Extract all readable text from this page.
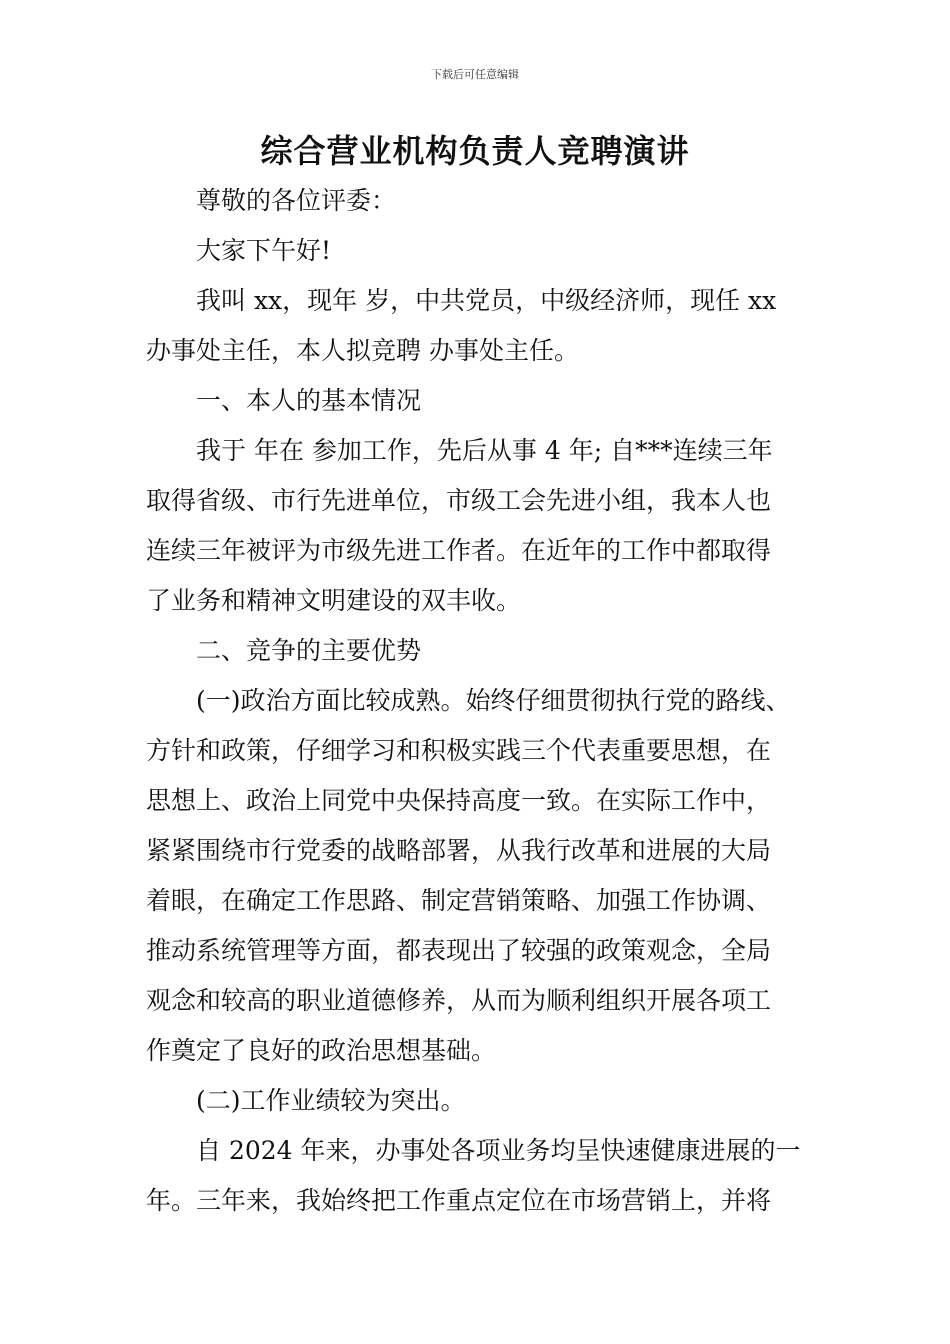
下载后可任意编辑
综合营业机构负责人竞聘演讲
尊敬的各位评委：
大家下午好!
我叫 xx，现年 岁，中共党员，中级经济师，现任 xx
办事处主任，本人拟竞聘 办事处主任。
一、本人的基本情况
我于 年在 参加工作，先后从事 4 年; 自***连续三年
取得省级、市行先进单位，市级工会先进小组，我本人也
连续三年被评为市级先进工作者。在近年的工作中都取得
了业务和精神文明建设的双丰收。
二、竞争的主要优势
(一)政治方面比较成熟。始终仔细贯彻执行党的路线、
方针和政策，仔细学习和积极实践三个代表重要思想，在
思想上、政治上同党中央保持高度一致。在实际工作中，
紧紧围绕市行党委的战略部署，从我行改革和进展的大局
着眼，在确定工作思路、制定营销策略、加强工作协调、
推动系统管理等方面，都表现出了较强的政策观念，全局
观念和较高的职业道德修养，从而为顺利组织开展各项工
作奠定了良好的政治思想基础。
(二)工作业绩较为突出。
自 2024 年来，办事处各项业务均呈快速健康进展的一
年。三年来，我始终把工作重点定位在市场营销上，并将
